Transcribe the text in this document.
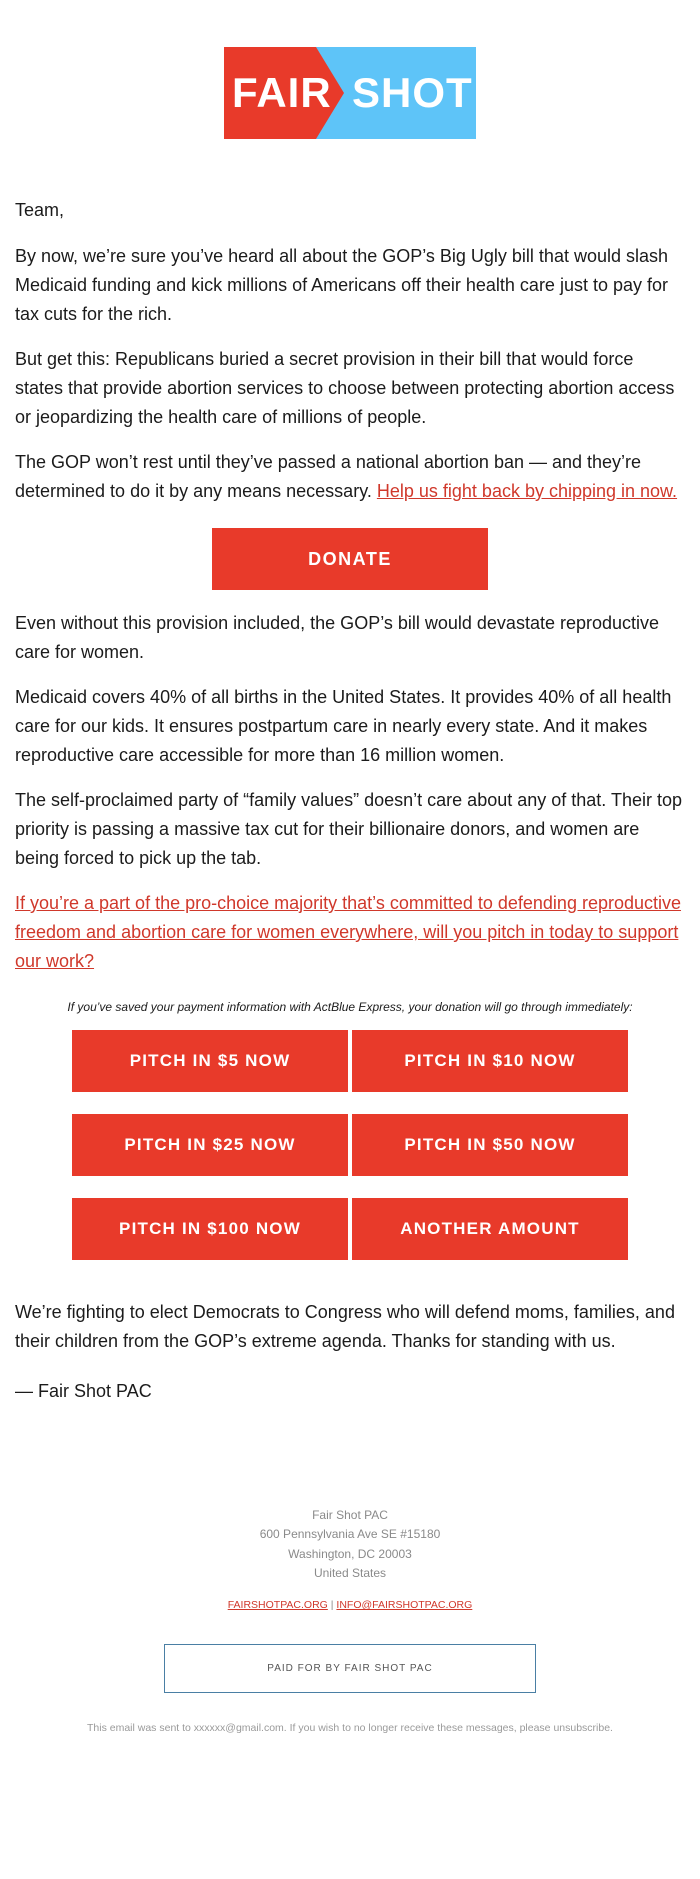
FAIR SHOT
Team,
By now, we’re sure you’ve heard all about the GOP’s Big Ugly bill that would slash Medicaid funding and kick millions of Americans off their health care just to pay for tax cuts for the rich.
But get this: Republicans buried a secret provision in their bill that would force states that provide abortion services to choose between protecting abortion access or jeopardizing the health care of millions of people.
The GOP won’t rest until they’ve passed a national abortion ban — and they’re determined to do it by any means necessary. Help us fight back by chipping in now.
DONATE
Even without this provision included, the GOP’s bill would devastate reproductive care for women.
Medicaid covers 40% of all births in the United States. It provides 40% of all health care for our kids. It ensures postpartum care in nearly every state. And it makes reproductive care accessible for more than 16 million women.
The self-proclaimed party of “family values” doesn’t care about any of that. Their top priority is passing a massive tax cut for their billionaire donors, and women are being forced to pick up the tab.
If you’re a part of the pro-choice majority that’s committed to defending reproductive freedom and abortion care for women everywhere, will you pitch in today to support our work?
If you’ve saved your payment information with ActBlue Express, your donation will go through immediately:
PITCH IN $5 NOW	PITCH IN $10 NOW
PITCH IN $25 NOW	PITCH IN $50 NOW
PITCH IN $100 NOW	ANOTHER AMOUNT
We’re fighting to elect Democrats to Congress who will defend moms, families, and their children from the GOP’s extreme agenda. Thanks for standing with us.
— Fair Shot PAC
Fair Shot PAC
600 Pennsylvania Ave SE #15180
Washington, DC 20003
United States
FAIRSHOTPAC.ORG | INFO@FAIRSHOTPAC.ORG
PAID FOR BY FAIR SHOT PAC
This email was sent to xxxxxx@gmail.com. If you wish to no longer receive these messages, please unsubscribe.
